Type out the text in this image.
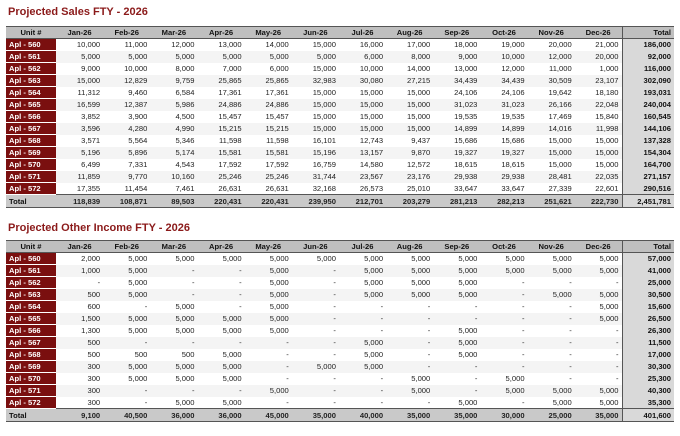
Projected Sales FTY - 2026
Unit #	Jan-26	Feb-26	Mar-26	Apr-26	May-26	Jun-26	Jul-26	Aug-26	Sep-26	Oct-26	Nov-26	Dec-26	Total
Apl - 560	10,000	11,000	12,000	13,000	14,000	15,000	16,000	17,000	18,000	19,000	20,000	21,000	186,000
Apl - 561	5,000	5,000	5,000	5,000	5,000	5,000	6,000	8,000	9,000	10,000	12,000	20,000	92,000
Apl - 562	9,000	10,000	8,000	7,000	6,000	15,000	10,000	14,000	13,000	12,000	11,000	1,000	116,000
Apl - 563	15,000	12,829	9,759	25,865	25,865	32,983	30,080	27,215	34,439	34,439	30,509	23,107	302,090
Apl - 564	11,312	9,460	6,584	17,361	17,361	15,000	15,000	15,000	24,106	24,106	19,642	18,180	193,031
Apl - 565	16,599	12,387	5,986	24,886	24,886	15,000	15,000	15,000	31,023	31,023	26,166	22,048	240,004
Apl - 566	3,852	3,900	4,500	15,457	15,457	15,000	15,000	15,000	19,535	19,535	17,469	15,840	160,545
Apl - 567	3,596	4,280	4,990	15,215	15,215	15,000	15,000	15,000	14,899	14,899	14,016	11,998	144,106
Apl - 568	3,571	5,564	5,346	11,598	11,598	16,101	12,743	9,437	15,686	15,686	15,000	15,000	137,328
Apl - 569	5,196	5,896	5,174	15,581	15,581	15,196	13,157	9,870	19,327	19,327	15,000	15,000	154,304
Apl - 570	6,499	7,331	4,543	17,592	17,592	16,759	14,580	12,572	18,615	18,615	15,000	15,000	164,700
Apl - 571	11,859	9,770	10,160	25,246	25,246	31,744	23,567	23,176	29,938	29,938	28,481	22,035	271,157
Apl - 572	17,355	11,454	7,461	26,631	26,631	32,168	26,573	25,010	33,647	33,647	27,339	22,601	290,516
Total	118,839	108,871	89,503	220,431	220,431	239,950	212,701	203,279	281,213	282,213	251,621	222,730	2,451,781
Projected Other Income FTY - 2026
Unit #	Jan-26	Feb-26	Mar-26	Apr-26	May-26	Jun-26	Jul-26	Aug-26	Sep-26	Oct-26	Nov-26	Dec-26	Total
Apl - 560	2,000	5,000	5,000	5,000	5,000	5,000	5,000	5,000	5,000	5,000	5,000	5,000	57,000
Apl - 561	1,000	5,000	-	-	5,000	-	5,000	5,000	5,000	5,000	5,000	5,000	41,000
Apl - 562	-	5,000	-	-	5,000	-	5,000	5,000	5,000	-	-	-	25,000
Apl - 563	500	5,000	-	-	5,000	-	5,000	5,000	5,000	-	5,000	5,000	30,500
Apl - 564	600	-	5,000	-	5,000	-	-	-	-	-	-	5,000	15,600
Apl - 565	1,500	5,000	5,000	5,000	5,000	-	-	-	-	-	-	5,000	26,500
Apl - 566	1,300	5,000	5,000	5,000	5,000	-	-	-	5,000	-	-	-	26,300
Apl - 567	500	-	-	-	-	-	5,000	-	5,000	-	-	-	11,500
Apl - 568	500	500	500	5,000	-	-	5,000	-	5,000	-	-	-	17,000
Apl - 569	300	5,000	5,000	5,000	-	5,000	5,000	-	-	-	-	-	30,300
Apl - 570	300	5,000	5,000	5,000	-	-	-	5,000	-	5,000	-	-	25,300
Apl - 571	300	-	-	-	5,000	-	-	5,000	-	5,000	5,000	5,000	40,300
Apl - 572	300	-	5,000	5,000	-	-	-	-	5,000	-	5,000	5,000	35,300
Total	9,100	40,500	36,000	36,000	45,000	35,000	40,000	35,000	35,000	30,000	25,000	35,000	401,600
